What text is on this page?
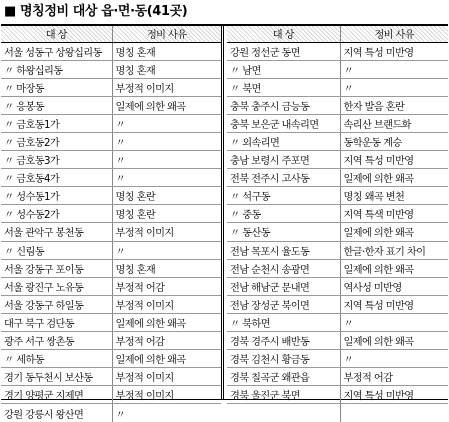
■ 명칭정비 대상 읍·면·동(41곳)
대 상	정비 사유
서울 성동구 상왕십리동	명칭 혼재
〃 하왕십리동	명칭 혼재
〃 마장동	부정적 이미지
〃 응봉동	일제에 의한 왜곡
〃 금호동1가	〃
〃 금호동2가	〃
〃 금호동3가	〃
〃 금호동4가	〃
〃 성수동1가	명칭 혼란
〃 성수동2가	명칭 혼란
서울 관악구 봉천동	부정적 이미지
〃 신림동	〃
서울 강동구 포이동	명칭 혼재
서울 광진구 노유동	부정적 어감
서울 강동구 하일동	부정적 이미지
대구 북구 검단동	일제에 의한 왜곡
광주 서구 쌍촌동	부정적 어감
〃 세하동	일제에 의한 왜곡
경기 동두천시 보산동	부정적 이미지
경기 양평군 지제면	부정적 이미지
강원 강릉시 왕산면	〃
대 상	정비 사유
강원 정선군 동면	지역 특성 미반영
〃 남면	〃
〃 북면	〃
충북 충주시 금능동	한자 발음 혼란
충북 보은군 내속리면	속리산 브랜드화
〃 외속리면	동학운동 계승
충남 보령시 주포면	지역 특성 미반영
전북 전주시 고사동	일제에 의한 왜곡
〃 석구동	명칭 왜곡 변천
〃 중동	지역 특색 미반영
〃 동산동	일제에 의한 왜곡
전남 목포시 율도동	한글·한자 표기 차이
전남 순천시 송광면	일제에 의한 왜곡
전남 해남군 문내면	역사성 미반영
전남 장성군 북이면	지역 특성 미반영
〃 북하면	〃
경북 경주시 배반동	일제에 의한 왜곡
경북 김천시 황금동	〃
경북 칠곡군 왜관읍	부정적 어감
경북 울진군 북면	지역 특성 미반영
